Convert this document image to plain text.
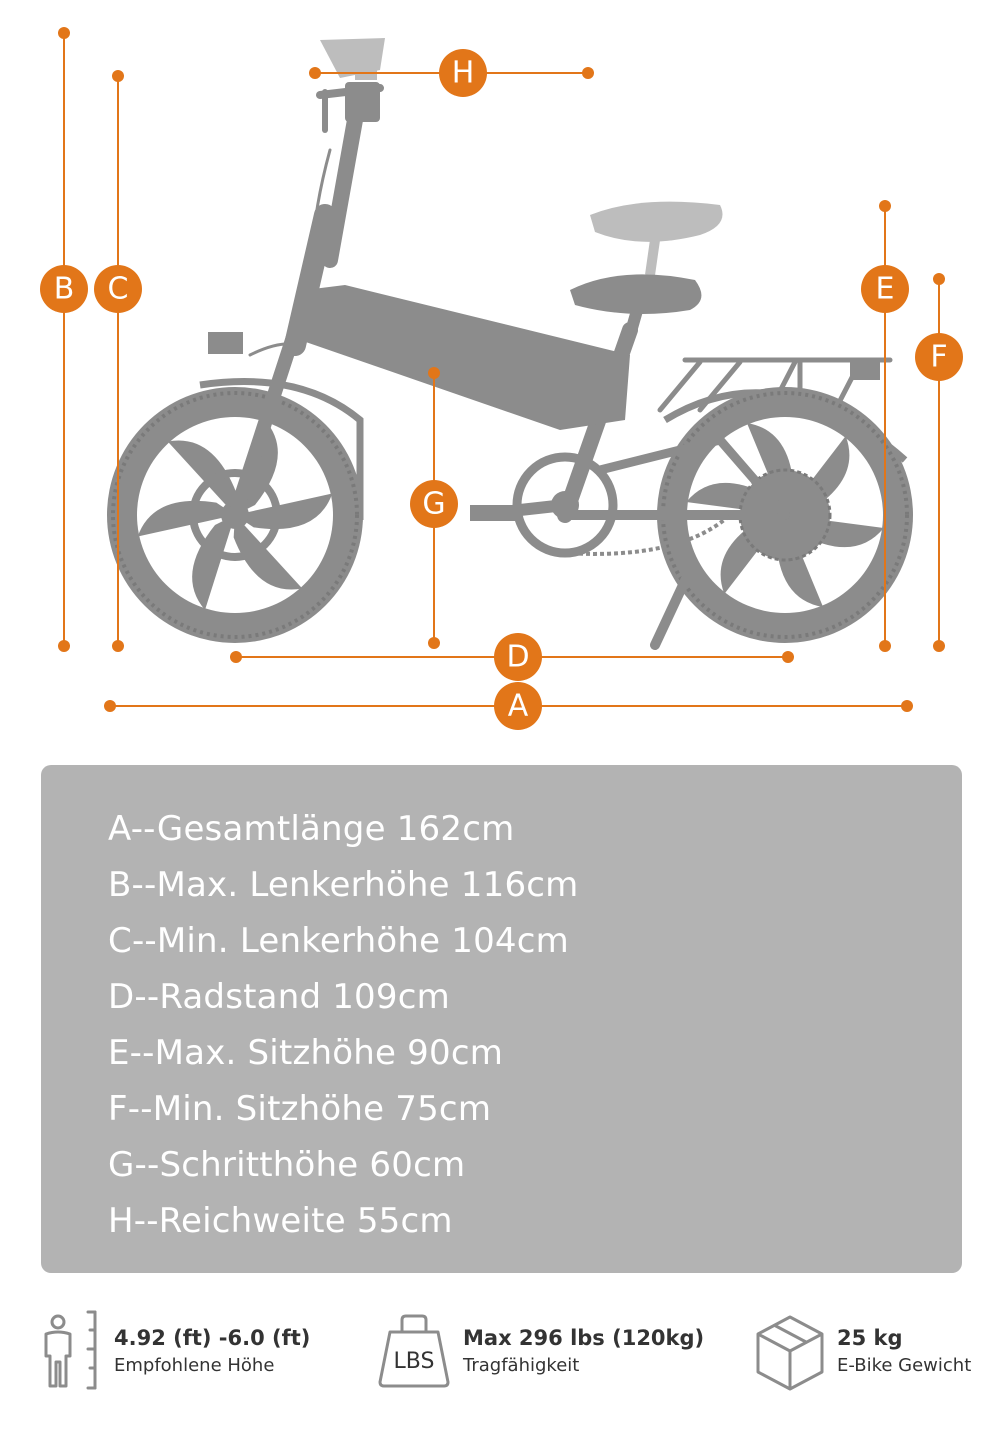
B C	E
F
G
H
D
A
A--Gesamtlänge 162cm
B--Max. Lenkerhöhe 116cm
C--Min. Lenkerhöhe 104cm
D--Radstand 109cm
E--Max. Sitzhöhe 90cm
F--Min. Sitzhöhe 75cm
G--Schritthöhe 60cm
H--Reichweite 55cm
4.92 (ft) -6.0 (ft)
Empfohlene Höhe	LBS
Max 296 lbs (120kg)
Tragfähigkeit
25 kg
E-Bike Gewicht
